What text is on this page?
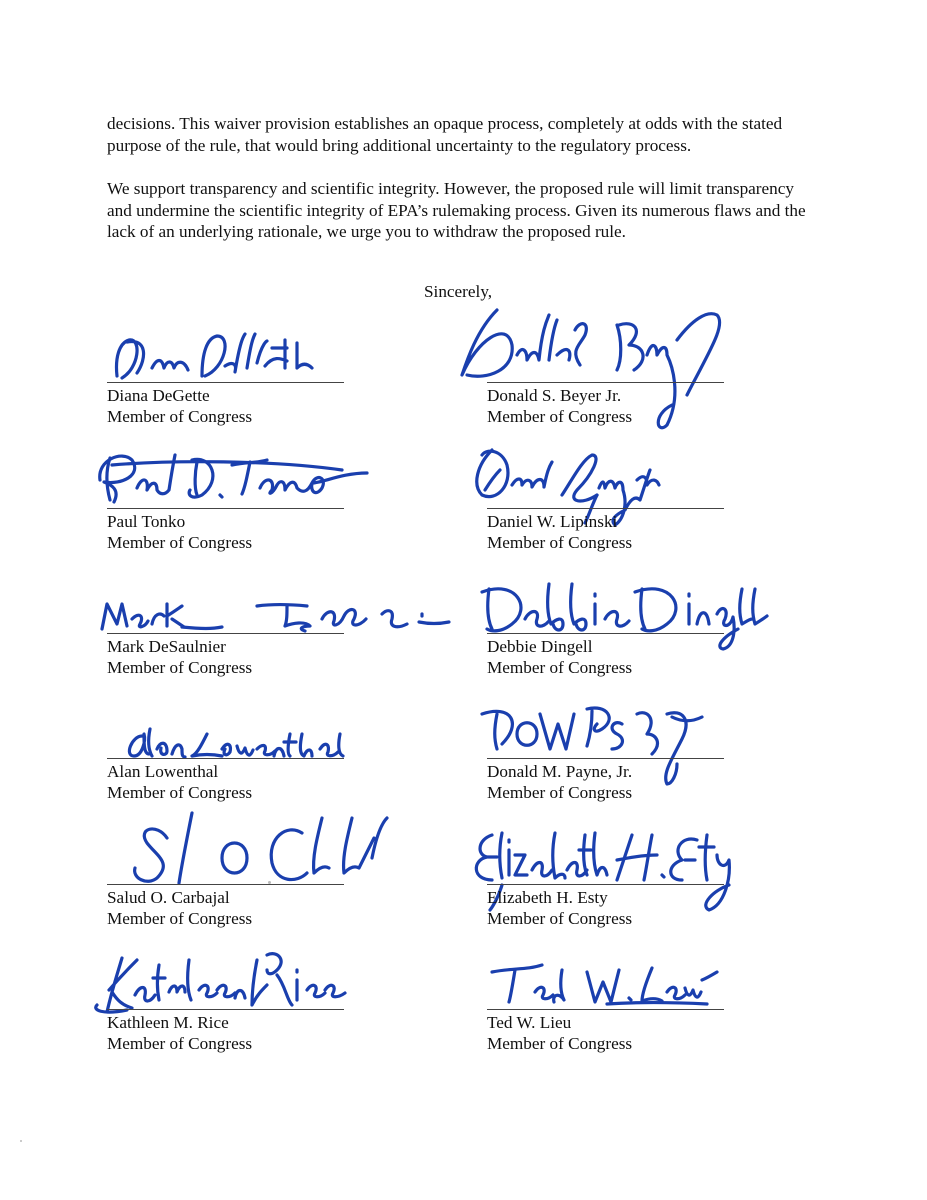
decisions. This waiver provision establishes an opaque process, completely at odds with the stated purpose of the rule, that would bring additional uncertainty to the regulatory process.

We support transparency and scientific integrity. However, the proposed rule will limit transparency and undermine the scientific integrity of EPA’s rulemaking process. Given its numerous flaws and the lack of an underlying rationale, we urge you to withdraw the proposed rule.

Sincerely,
Diana DeGette
Member of Congress
Donald S. Beyer Jr.
Member of Congress
Paul Tonko
Member of Congress
Daniel W. Lipinski
Member of Congress
Mark DeSaulnier
Member of Congress
Debbie Dingell
Member of Congress
Alan Lowenthal
Member of Congress
Donald M. Payne, Jr.
Member of Congress
Salud O. Carbajal
Member of Congress
Elizabeth H. Esty
Member of Congress
Kathleen M. Rice
Member of Congress
Ted W. Lieu
Member of Congress
